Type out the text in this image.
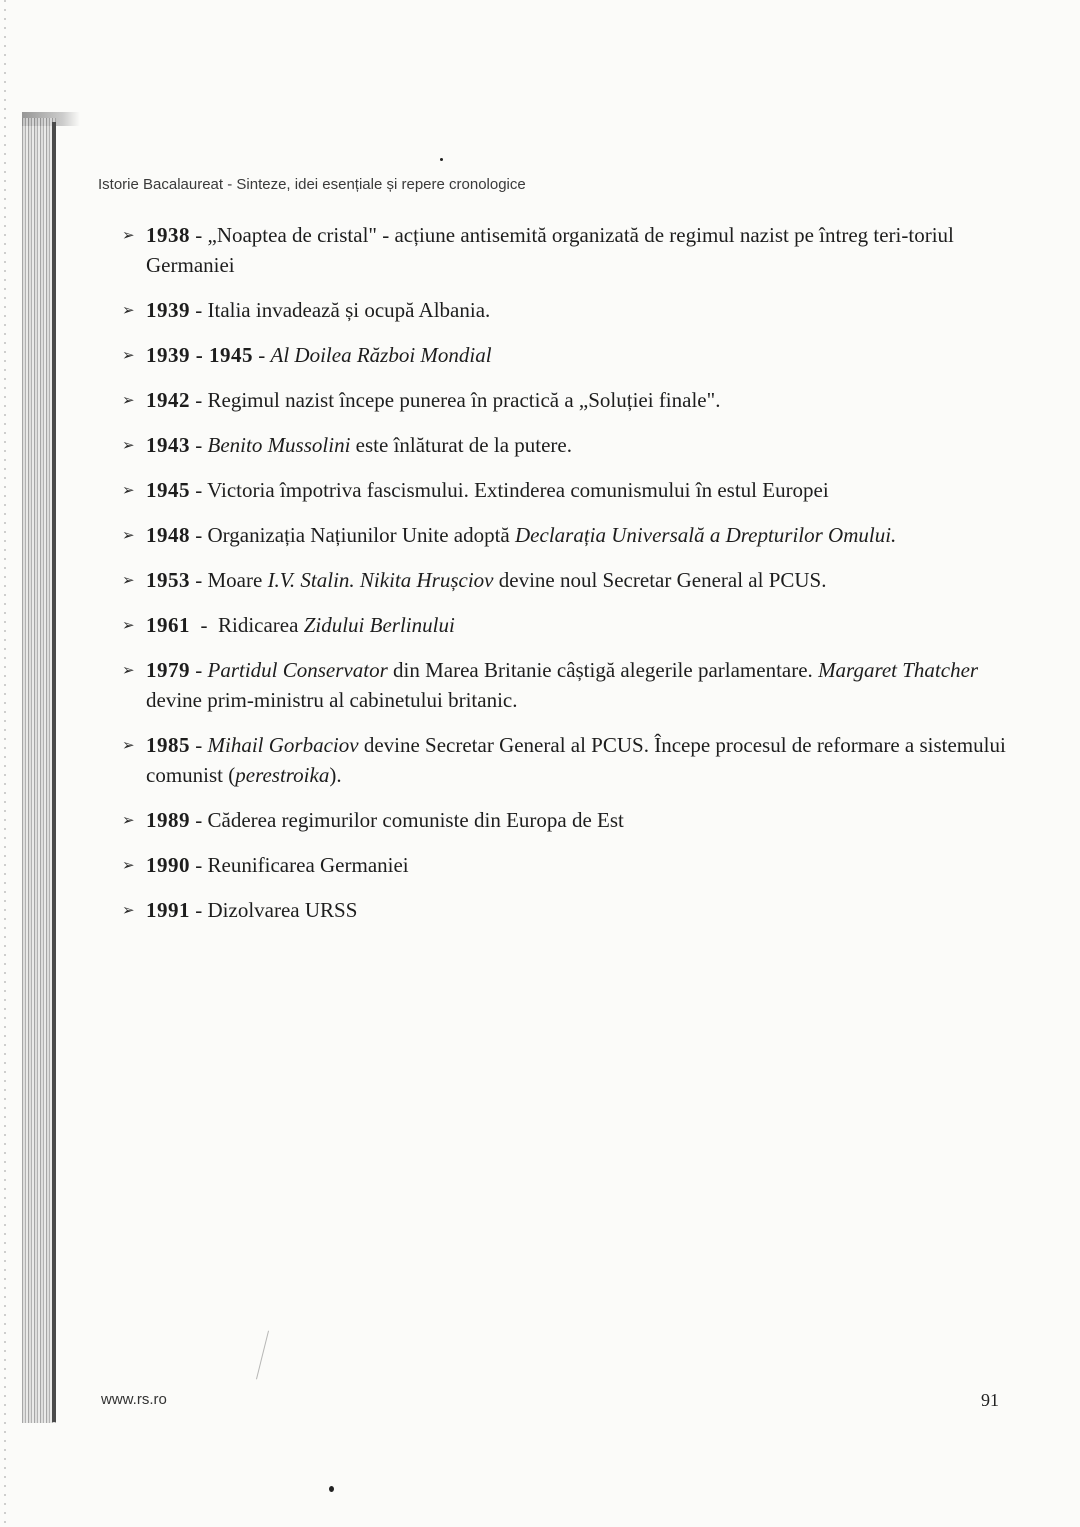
Istorie Bacalaureat - Sinteze, idei esențiale și repere cronologice
➢ 1938 - „Noaptea de cristal" - acțiune antisemită organizată de regimul nazist pe întreg teri-toriul Germaniei
➢ 1939 - Italia invadează și ocupă Albania.
➢ 1939 - 1945 - Al Doilea Război Mondial
➢ 1942 - Regimul nazist începe punerea în practică a „Soluției finale".
➢ 1943 - Benito Mussolini este înlăturat de la putere.
➢ 1945 - Victoria împotriva fascismului. Extinderea comunismului în estul Europei
➢ 1948 - Organizația Națiunilor Unite adoptă Declarația Universală a Drepturilor Omului.
➢ 1953 - Moare I.V. Stalin. Nikita Hrușciov devine noul Secretar General al PCUS.
➢ 1961  -  Ridicarea Zidului Berlinului
➢ 1979 - Partidul Conservator din Marea Britanie câștigă alegerile parlamentare. Margaret Thatcher devine prim-ministru al cabinetului britanic.
➢ 1985 - Mihail Gorbaciov devine Secretar General al PCUS. Începe procesul de reformare a sistemului comunist (perestroika).
➢ 1989 - Căderea regimurilor comuniste din Europa de Est
➢ 1990 - Reunificarea Germaniei
➢ 1991 - Dizolvarea URSS
www.rs.ro	91
